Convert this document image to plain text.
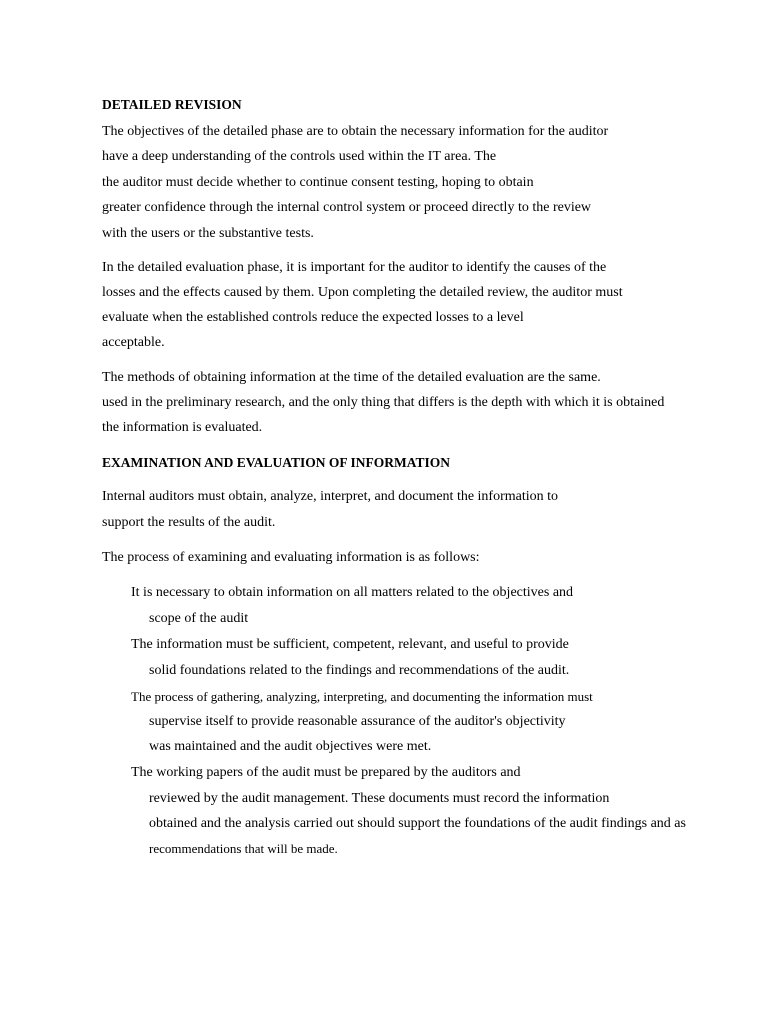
DETAILED REVISION
The objectives of the detailed phase are to obtain the necessary information for the auditor
have a deep understanding of the controls used within the IT area. The
the auditor must decide whether to continue consent testing, hoping to obtain
greater confidence through the internal control system or proceed directly to the review
with the users or the substantive tests.
In the detailed evaluation phase, it is important for the auditor to identify the causes of the
losses and the effects caused by them. Upon completing the detailed review, the auditor must
evaluate when the established controls reduce the expected losses to a level
acceptable.
The methods of obtaining information at the time of the detailed evaluation are the same.
used in the preliminary research, and the only thing that differs is the depth with which it is obtained
the information is evaluated.
EXAMINATION AND EVALUATION OF INFORMATION
Internal auditors must obtain, analyze, interpret, and document the information to
support the results of the audit.
The process of examining and evaluating information is as follows:
It is necessary to obtain information on all matters related to the objectives and
scope of the audit
The information must be sufficient, competent, relevant, and useful to provide
solid foundations related to the findings and recommendations of the audit.
The process of gathering, analyzing, interpreting, and documenting the information must
supervise itself to provide reasonable assurance of the auditor's objectivity
was maintained and the audit objectives were met.
The working papers of the audit must be prepared by the auditors and
reviewed by the audit management. These documents must record the information
obtained and the analysis carried out should support the foundations of the audit findings and as
recommendations that will be made.
